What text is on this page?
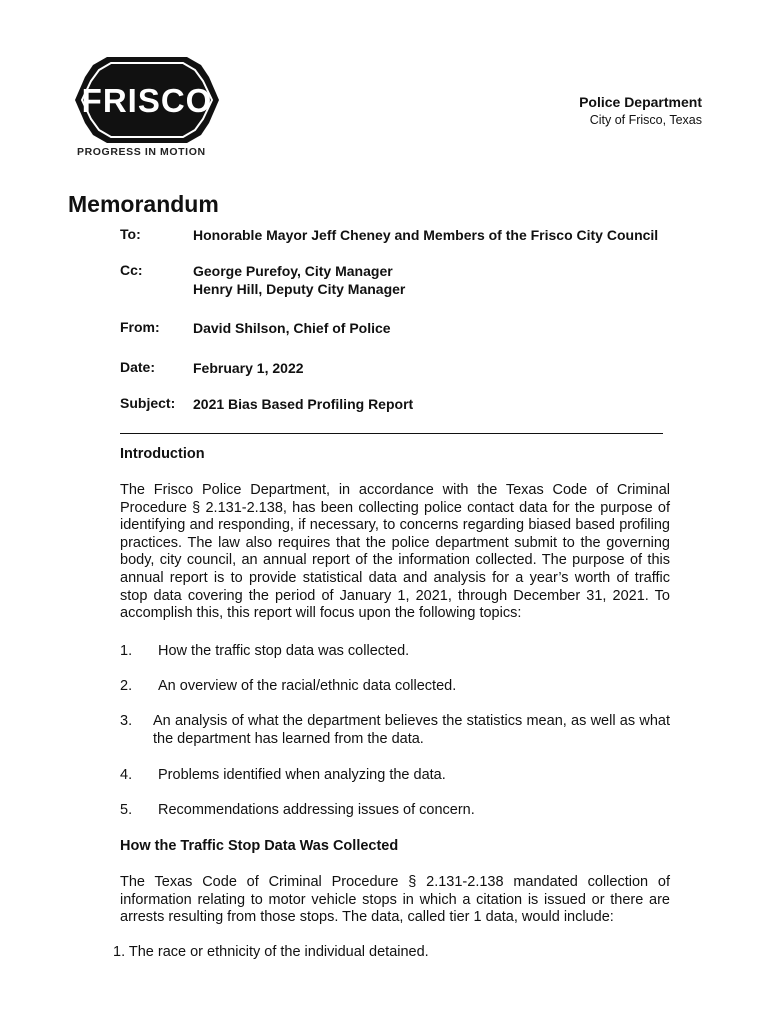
FRISCO
PROGRESS IN MOTION
Police Department
City of Frisco, Texas
Memorandum
To:	Honorable Mayor Jeff Cheney and Members of the Frisco City Council
Cc:	George Purefoy, City Manager
Henry Hill, Deputy City Manager
From:	David Shilson, Chief of Police
Date:	February 1, 2022
Subject:	2021 Bias Based Profiling Report
Introduction

The Frisco Police Department, in accordance with the Texas Code of Criminal Procedure § 2.131-2.138, has been collecting police contact data for the purpose of identifying and responding, if necessary, to concerns regarding biased based profiling practices. The law also requires that the police department submit to the governing body, city council, an annual report of the information collected. The purpose of this annual report is to provide statistical data and analysis for a year’s worth of traffic stop data covering the period of January 1, 2021, through December 31, 2021. To accomplish this, this report will focus upon the following topics:

1. How the traffic stop data was collected.
2. An overview of the racial/ethnic data collected.
3. An analysis of what the department believes the statistics mean, as well as what the department has learned from the data.
4. Problems identified when analyzing the data.
5. Recommendations addressing issues of concern.
How the Traffic Stop Data Was Collected

The Texas Code of Criminal Procedure § 2.131-2.138 mandated collection of information relating to motor vehicle stops in which a citation is issued or there are arrests resulting from those stops. The data, called tier 1 data, would include:

1. The race or ethnicity of the individual detained.
